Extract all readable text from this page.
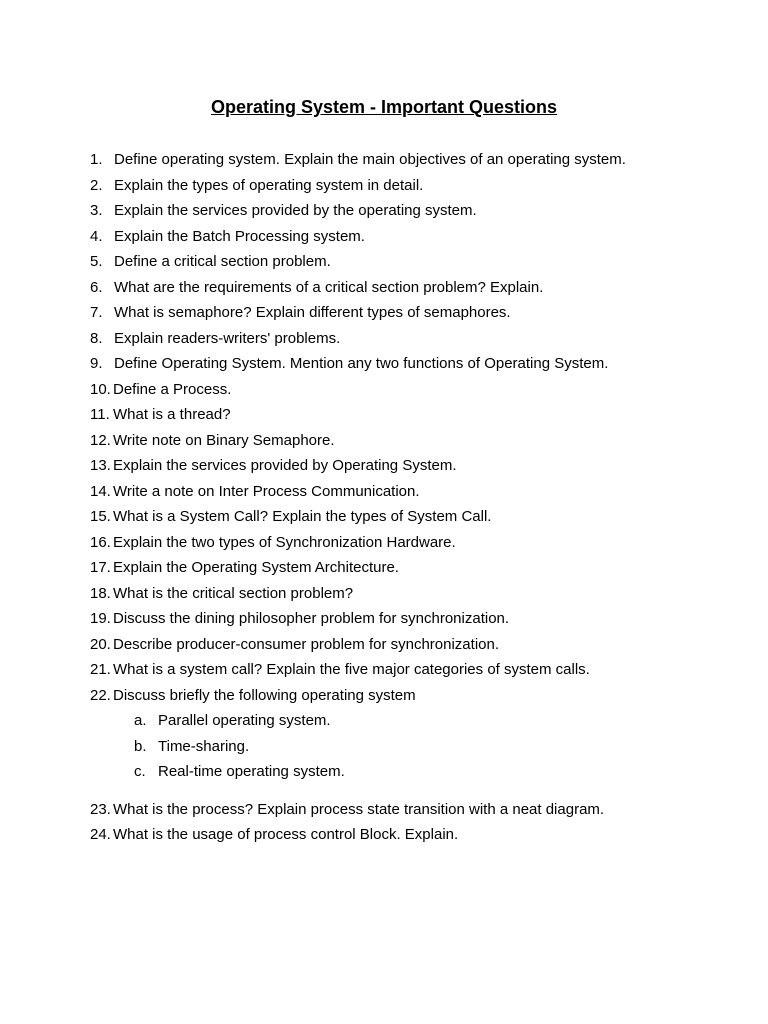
Operating System - Important Questions
1. Define operating system. Explain the main objectives of an operating system.
2. Explain the types of operating system in detail.
3. Explain the services provided by the operating system.
4. Explain the Batch Processing system.
5. Define a critical section problem.
6. What are the requirements of a critical section problem? Explain.
7. What is semaphore? Explain different types of semaphores.
8. Explain readers-writers' problems.
9. Define Operating System. Mention any two functions of Operating System.
10. Define a Process.
11. What is a thread?
12. Write note on Binary Semaphore.
13. Explain the services provided by Operating System.
14. Write a note on Inter Process Communication.
15. What is a System Call? Explain the types of System Call.
16. Explain the two types of Synchronization Hardware.
17. Explain the Operating System Architecture.
18. What is the critical section problem?
19. Discuss the dining philosopher problem for synchronization.
20. Describe producer-consumer problem for synchronization.
21. What is a system call? Explain the five major categories of system calls.
22. Discuss briefly the following operating system
a. Parallel operating system.
b. Time-sharing.
c. Real-time operating system.
23. What is the process? Explain process state transition with a neat diagram.
24. What is the usage of process control Block. Explain.
